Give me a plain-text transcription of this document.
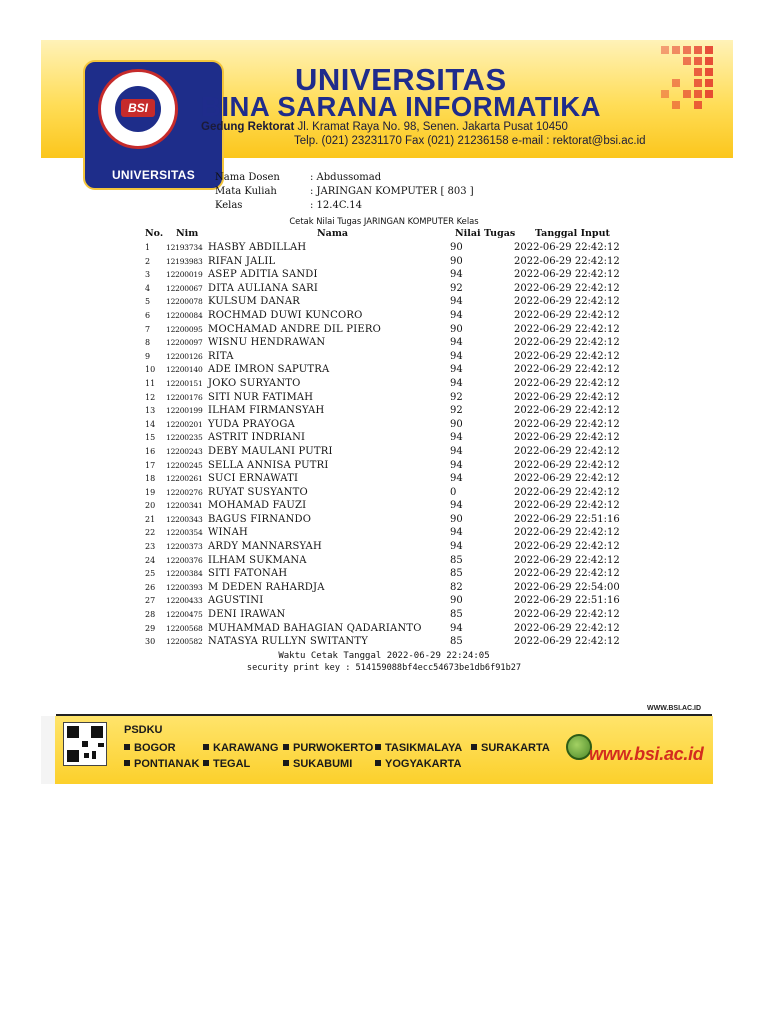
BSI
UNIVERSITAS
UNIVERSITAS
BINA SARANA INFORMATIKA
Gedung Rektorat Jl. Kramat Raya No. 98, Senen. Jakarta Pusat 10450
Telp. (021) 23231170 Fax (021) 21236158 e-mail : rektorat@bsi.ac.id
Nama Dosen	: Abdussomad
Mata Kuliah	: JARINGAN KOMPUTER [ 803 ]
Kelas	: 12.4C.14
Cetak Nilai Tugas JARINGAN KOMPUTER Kelas
No. Nim	Nama	Nilai Tugas Tanggal Input
1 12193734 HASBY ABDILLAH	90	2022-06-29 22:42:12
2 12193983 RIFAN JALIL	90	2022-06-29 22:42:12
3 12200019 ASEP ADITIA SANDI	94	2022-06-29 22:42:12
4 12200067 DITA AULIANA SARI	92	2022-06-29 22:42:12
5 12200078 KULSUM DANAR	94	2022-06-29 22:42:12
6 12200084 ROCHMAD DUWI KUNCORO	94	2022-06-29 22:42:12
7 12200095 MOCHAMAD ANDRE DIL PIERO	90	2022-06-29 22:42:12
8 12200097 WISNU HENDRAWAN	94	2022-06-29 22:42:12
9 12200126 RITA	94	2022-06-29 22:42:12
10 12200140 ADE IMRON SAPUTRA	94	2022-06-29 22:42:12
11 12200151 JOKO SURYANTO	94	2022-06-29 22:42:12
12 12200176 SITI NUR FATIMAH	92	2022-06-29 22:42:12
13 12200199 ILHAM FIRMANSYAH	92	2022-06-29 22:42:12
14 12200201 YUDA PRAYOGA	90	2022-06-29 22:42:12
15 12200235 ASTRIT INDRIANI	94	2022-06-29 22:42:12
16 12200243 DEBY MAULANI PUTRI	94	2022-06-29 22:42:12
17 12200245 SELLA ANNISA PUTRI	94	2022-06-29 22:42:12
18 12200261 SUCI ERNAWATI	94	2022-06-29 22:42:12
19 12200276 RUYAT SUSYANTO	0	2022-06-29 22:42:12
20 12200341 MOHAMAD FAUZI	94	2022-06-29 22:42:12
21 12200343 BAGUS FIRNANDO	90	2022-06-29 22:51:16
22 12200354 WINAH	94	2022-06-29 22:42:12
23 12200373 ARDY MANNARSYAH	94	2022-06-29 22:42:12
24 12200376 ILHAM SUKMANA	85	2022-06-29 22:42:12
25 12200384 SITI FATONAH	85	2022-06-29 22:42:12
26 12200393 M DEDEN RAHARDJA	82	2022-06-29 22:54:00
27 12200433 AGUSTINI	90	2022-06-29 22:51:16
28 12200475 DENI IRAWAN	85	2022-06-29 22:42:12
29 12200568 MUHAMMAD BAHAGIAN QADARIANTO	94	2022-06-29 22:42:12
30 12200582 NATASYA RULLYN SWITANTY	85	2022-06-29 22:42:12
Waktu Cetak Tanggal 2022-06-29 22:24:05
security print key : 514159088bf4ecc54673be1db6f91b27
WWW.BSI.AC.ID
PSDKU
BOGOR	KARAWANG	PURWOKERTO	TASIKMALAYA	SURAKARTA
PONTIANAK	TEGAL	SUKABUMI	YOGYAKARTA	www.bsi.ac.id
